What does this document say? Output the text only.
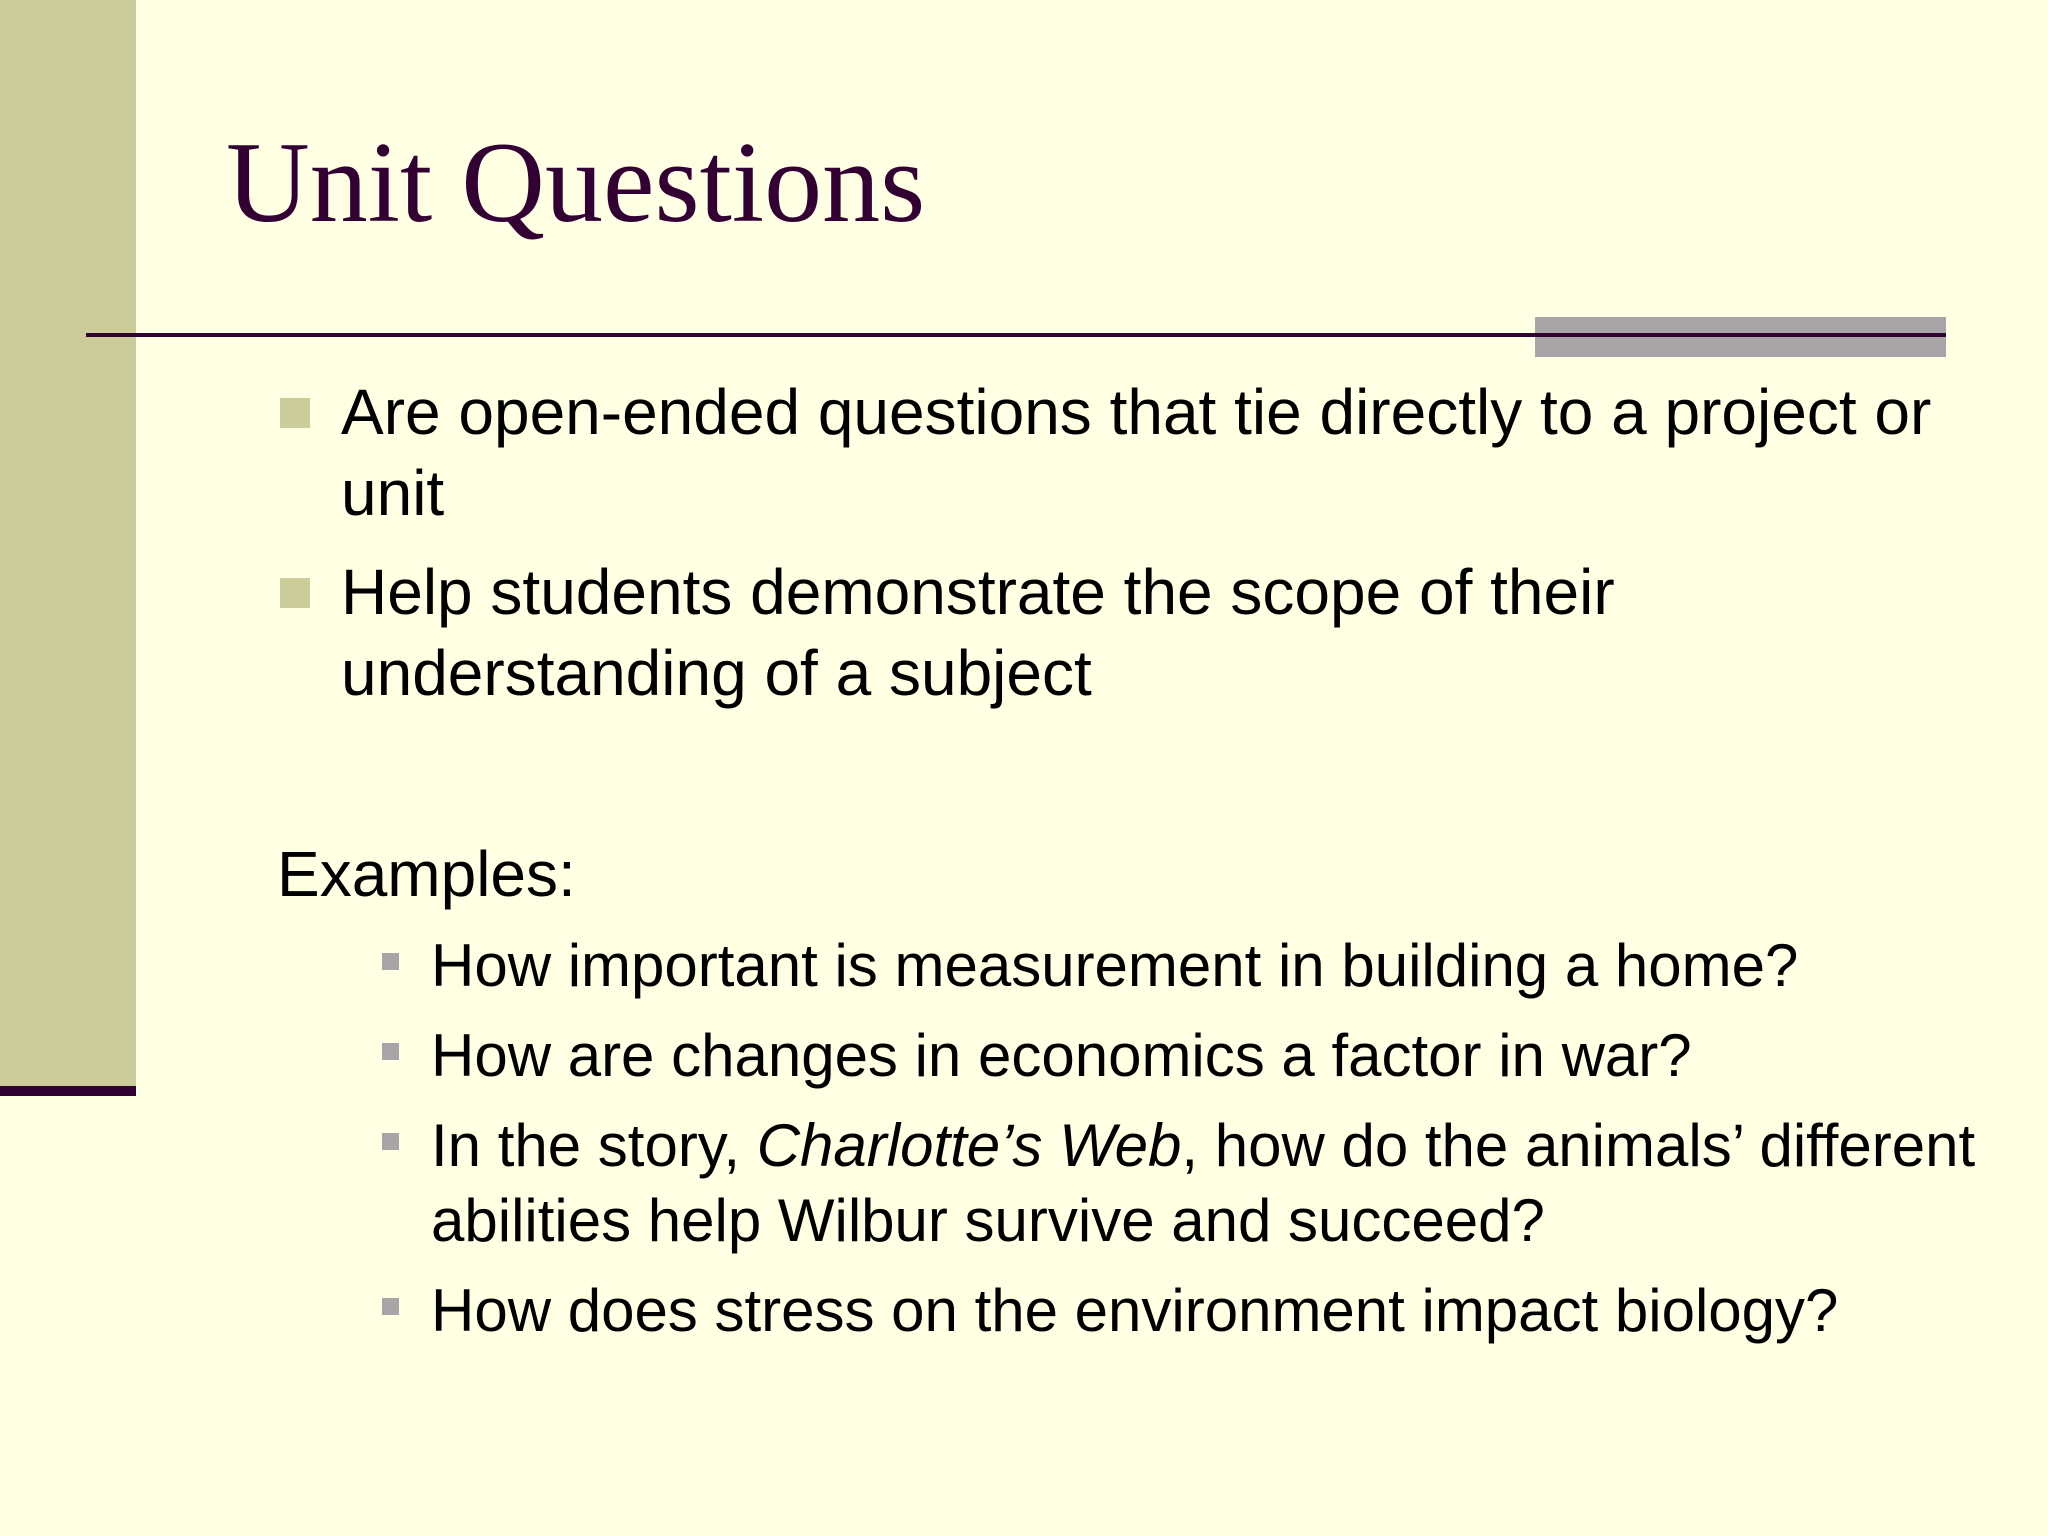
Unit Questions
Are open-ended questions that tie directly to a project or unit
Help students demonstrate the scope of their understanding of a subject

Examples:

How important is measurement in building a home?
How are changes in economics a factor in war?
In the story, Charlotte’s Web, how do the animals’ different abilities help Wilbur survive and succeed?
How does stress on the environment impact biology?
